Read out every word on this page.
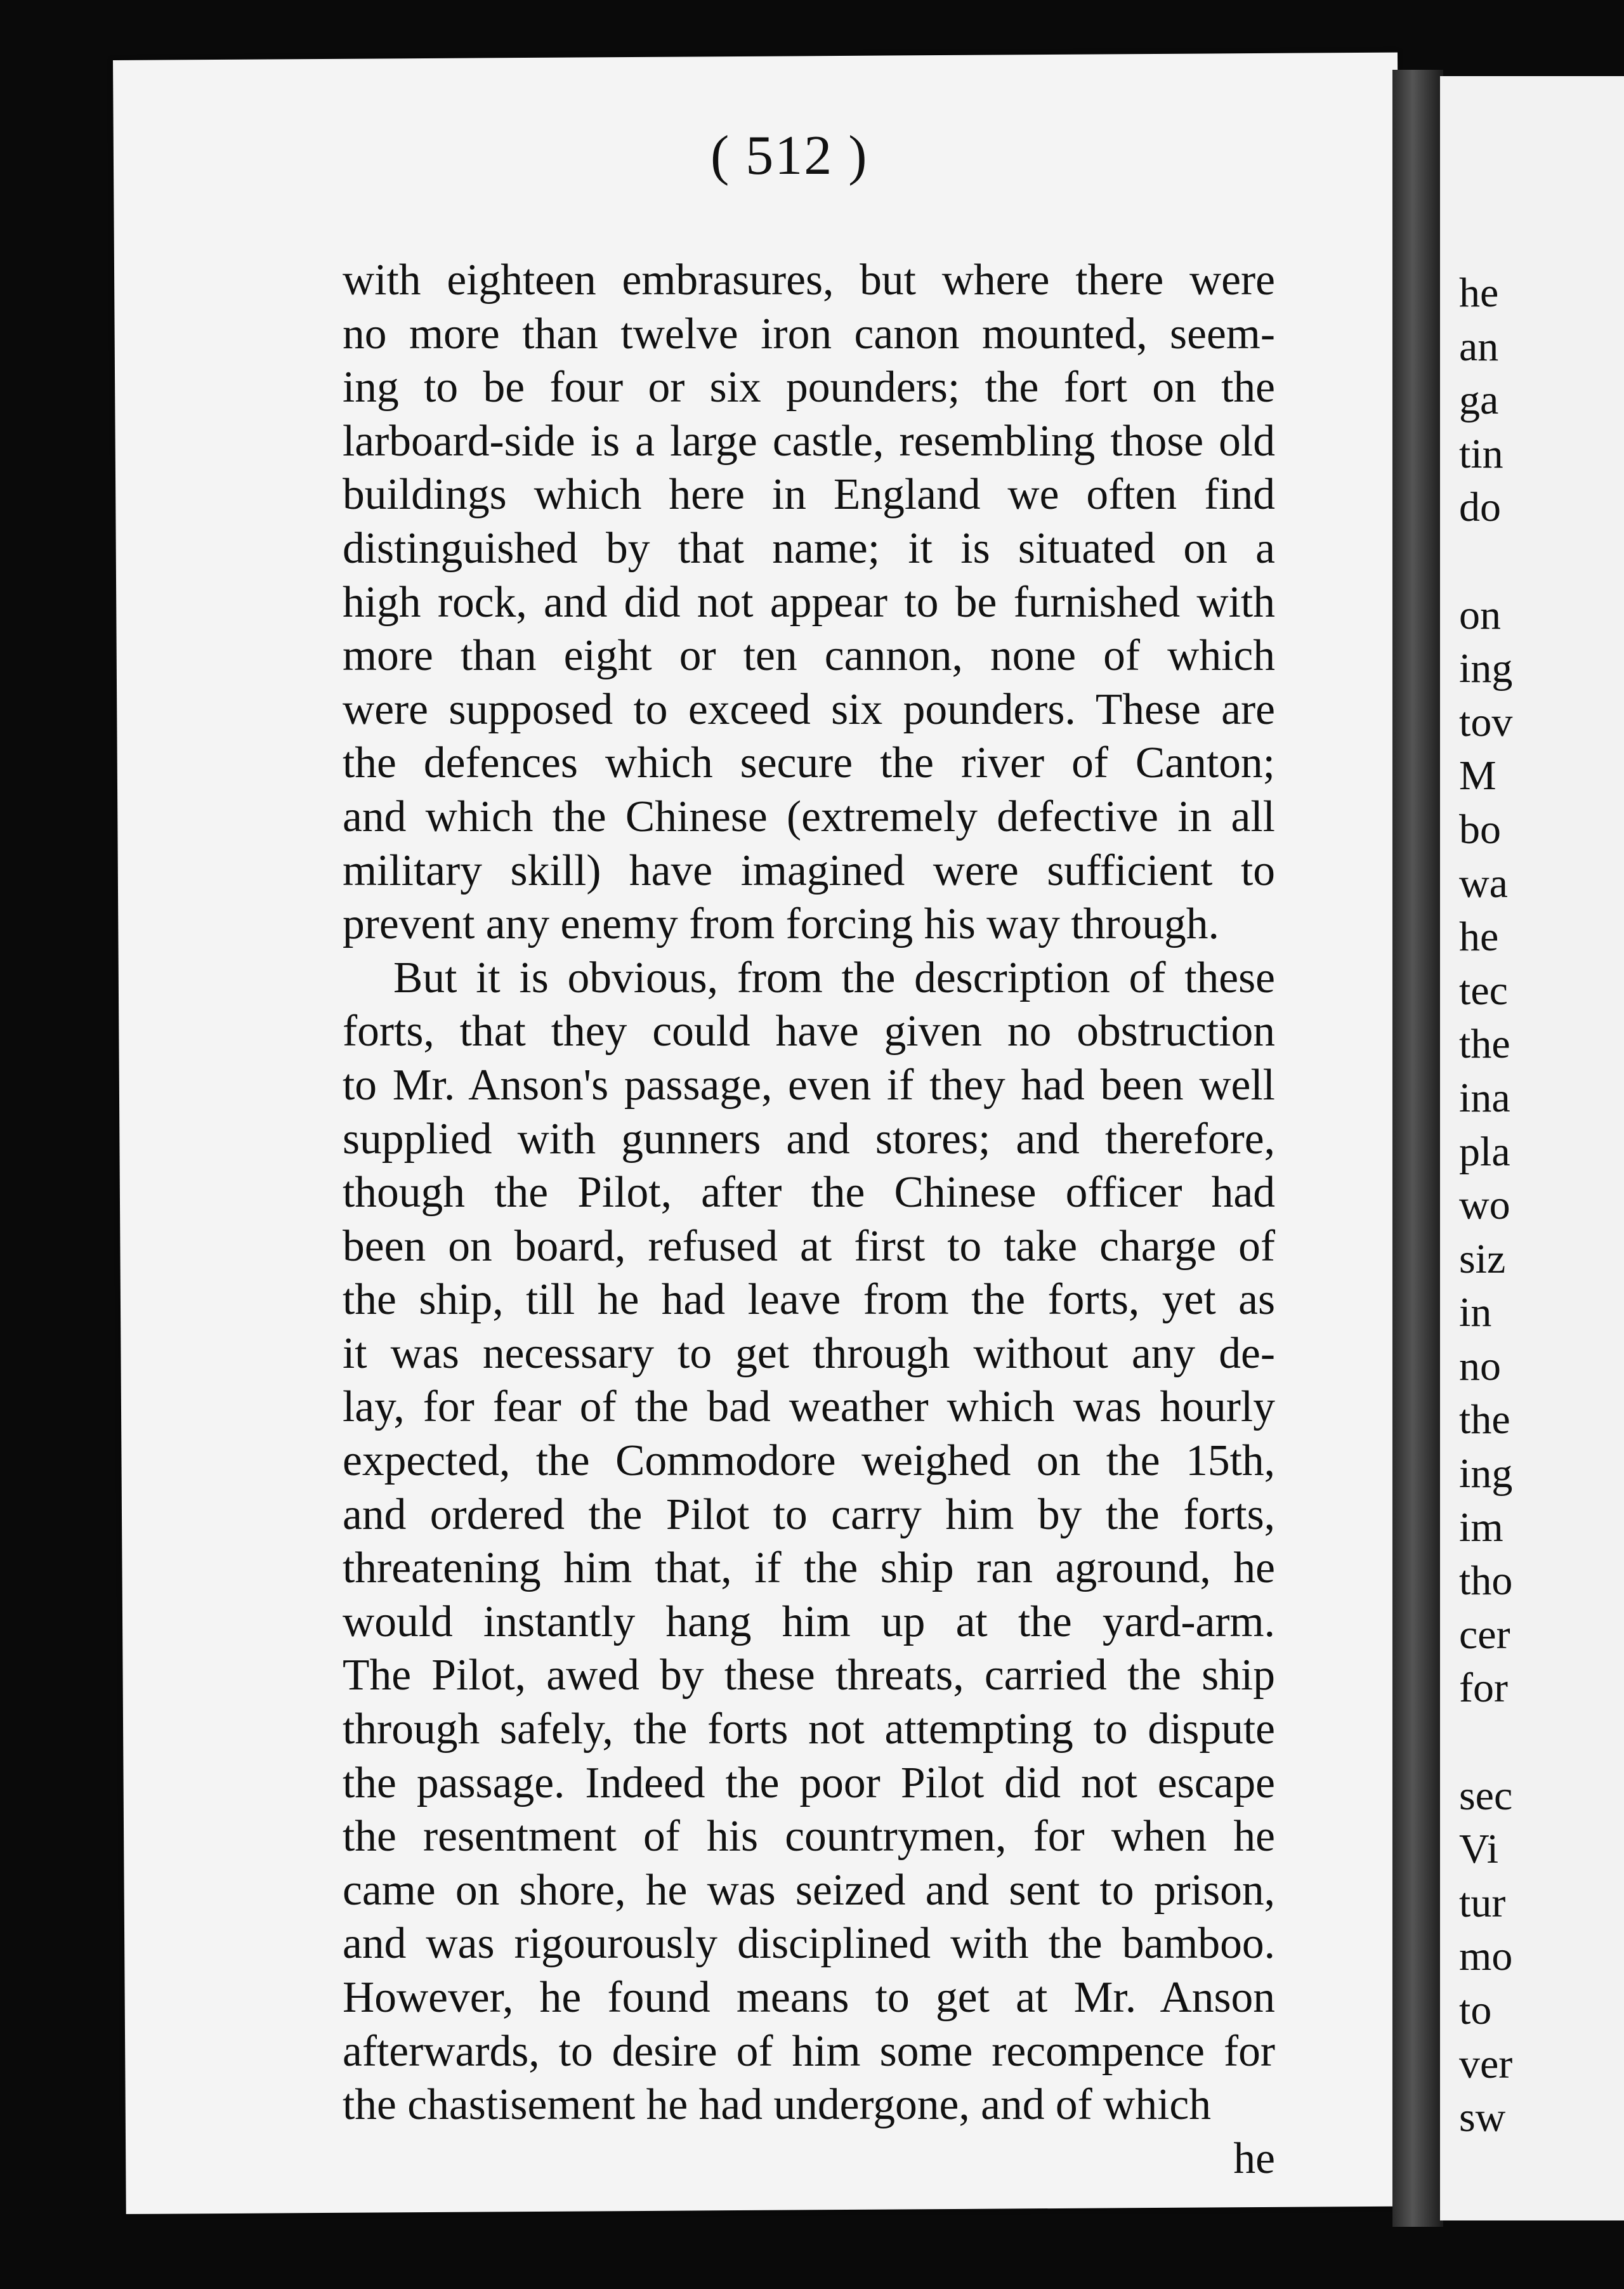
he
an
ga
tin
do
on
ing
tov
M
bo
wa
he
tec
the
ina
pla
wo
siz
in
no
the
ing
im
tho
cer
for
sec
Vi
tur
mo
to
ver
sw
( 512 )
with eighteen embrasures, but where there were
no more than twelve iron canon mounted, seem-
ing to be four or six pounders; the fort on the
larboard-side is a large castle, resembling those old
buildings which here in England we often find
distinguished by that name; it is situated on a
high rock, and did not appear to be furnished with
more than eight or ten cannon, none of which
were supposed to exceed six pounders. These are
the defences which secure the river of Canton;
and which the Chinese (extremely defective in all
military skill) have imagined were sufficient to
prevent any enemy from forcing his way through.
But it is obvious, from the description of these
forts, that they could have given no obstruction
to Mr. Anson's passage, even if they had been well
supplied with gunners and stores; and therefore,
though the Pilot, after the Chinese officer had
been on board, refused at first to take charge of
the ship, till he had leave from the forts, yet as
it was necessary to get through without any de-
lay, for fear of the bad weather which was hourly
expected, the Commodore weighed on the 15th,
and ordered the Pilot to carry him by the forts,
threatening him that, if the ship ran aground, he
would instantly hang him up at the yard-arm.
The Pilot, awed by these threats, carried the ship
through safely, the forts not attempting to dispute
the passage. Indeed the poor Pilot did not escape
the resentment of his countrymen, for when he
came on shore, he was seized and sent to prison,
and was rigourously disciplined with the bamboo.
However, he found means to get at Mr. Anson
afterwards, to desire of him some recompence for
the chastisement he had undergone, and of which
he
